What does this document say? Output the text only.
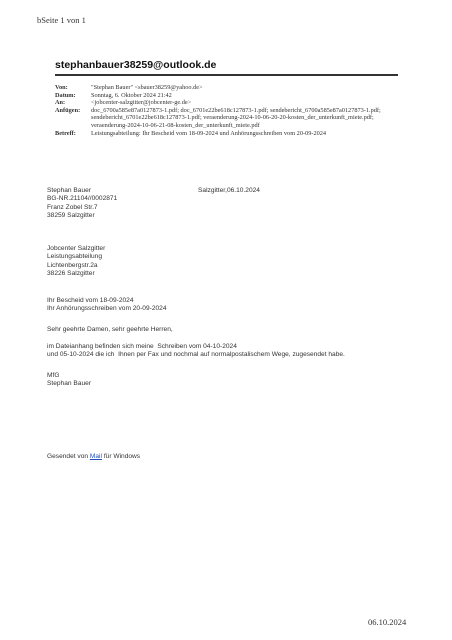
bSeite 1 von 1
stephanbauer38259@outlook.de
Von:	"Stephan Bauer" <sbauer38259@yahoo.de>
Datum:	Sonntag, 6. Oktober 2024 21:42
An:	<jobcenter-salzgitter@jobcenter-ge.de>
Anfügen:	doc_6700a585e87a0127873-1.pdf; doc_6701e22be618c127873-1.pdf; sendebericht_6700a585e87a0127873-1.pdf; sendebericht_6701e22be618c127873-1.pdf; veraenderung-2024-10-06-20-20-kosten_der_unterkunft_miete.pdf; veraenderung-2024-10-06-21-08-kosten_der_unterkunft_miete.pdf
Betreff:	Leistungsabteilung: Ihr Bescheid vom 18-09-2024 und Anhörungsschreiben vom 20-09-2024
Stephan Bauer
BG-NR.21104//0002871
Franz Zobel Str.7
38259 Salzgitter
Salzgitter,06.10.2024
Jobcenter Salzgitter
Leistungsabteilung
Lichtenbergstr.2a
38226 Salzgitter
Ihr Bescheid vom 18-09-2024
Ihr Anhörungsschreiben vom 20-09-2024
Sehr geehrte Damen, sehr geehrte Herren,
im Dateianhang befinden sich meine  Schreiben vom 04-10-2024
und 05-10-2024 die ich  Ihnen per Fax und nochmal auf normalpostalischem Wege, zugesendet habe.
MfG
Stephan Bauer
Gesendet von Mail für Windows
06.10.2024
